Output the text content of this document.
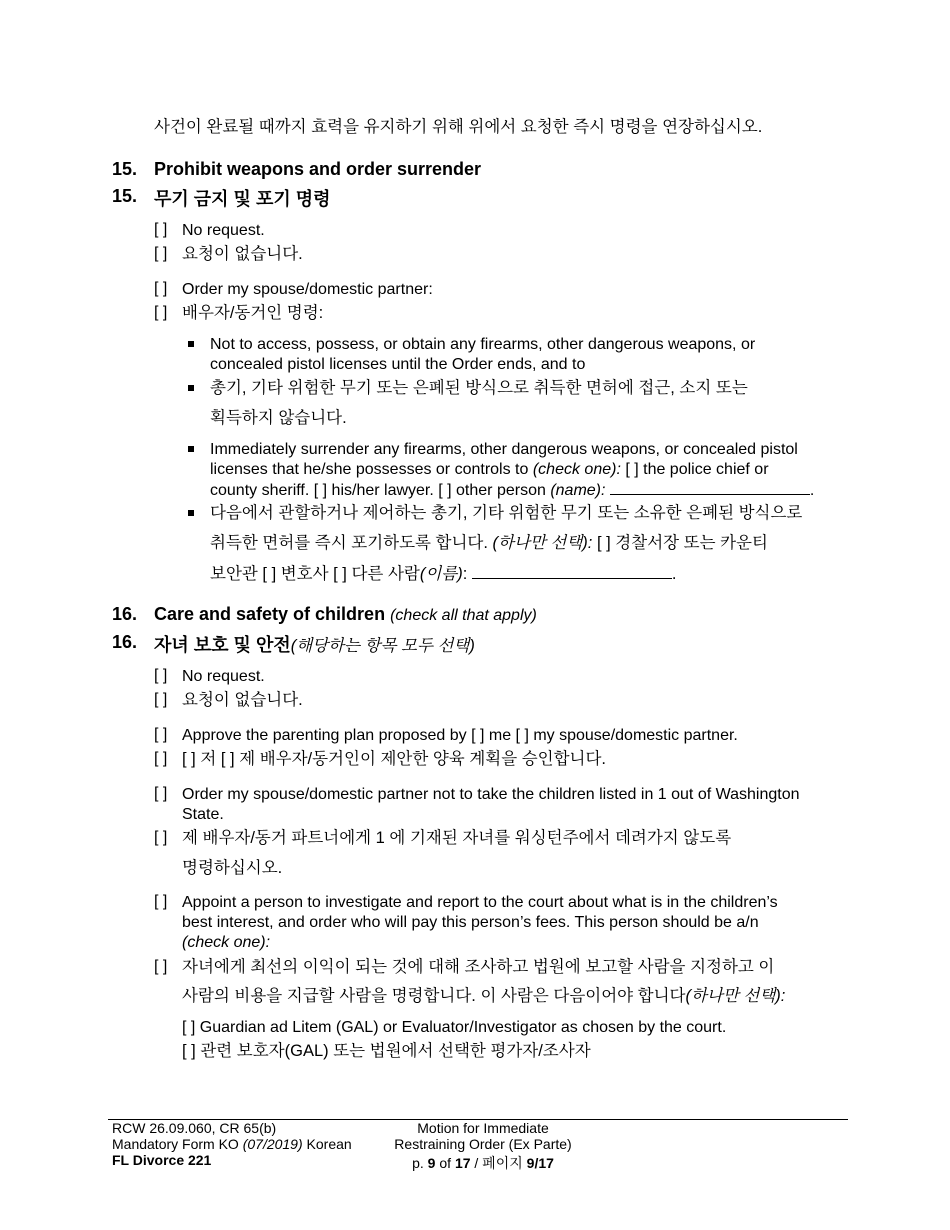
사건이 완료될 때까지 효력을 유지하기 위해 위에서 요청한 즉시 명령을 연장하십시오.
15. Prohibit weapons and order surrender
15. 무기 금지 및 포기 명령
[ ] No request.
[ ] 요청이 없습니다.
[ ] Order my spouse/domestic partner:
[ ] 배우자/동거인 명령:
Not to access, possess, or obtain any firearms, other dangerous weapons, or
concealed pistol licenses until the Order ends, and to
총기, 기타 위험한 무기 또는 은폐된 방식으로 취득한 면허에 접근, 소지 또는
획득하지 않습니다.
Immediately surrender any firearms, other dangerous weapons, or concealed pistol
licenses that he/she possesses or controls to (check one): [ ] the police chief or
county sheriff. [ ] his/her lawyer. [ ] other person (name):	.
다음에서 관할하거나 제어하는 총기, 기타 위험한 무기 또는 소유한 은폐된 방식으로
취득한 면허를 즉시 포기하도록 합니다. (하나만 선택): [ ] 경찰서장 또는 카운티
보안관 [ ] 변호사 [ ] 다른 사람(이름):	.
16. Care and safety of children (check all that apply)
16. 자녀 보호 및 안전(해당하는 항목 모두 선택)
[ ] No request.
[ ] 요청이 없습니다.
[ ] Approve the parenting plan proposed by [ ] me [ ] my spouse/domestic partner.
[ ] [ ] 저 [ ] 제 배우자/동거인이 제안한 양육 계획을 승인합니다.
[ ] Order my spouse/domestic partner not to take the children listed in 1 out of Washington
State.
[ ] 제 배우자/동거 파트너에게 1 에 기재된 자녀를 워싱턴주에서 데려가지 않도록
명령하십시오.
[ ] Appoint a person to investigate and report to the court about what is in the children’s
best interest, and order who will pay this person’s fees. This person should be a/n
(check one):
[ ] 자녀에게 최선의 이익이 되는 것에 대해 조사하고 법원에 보고할 사람을 지정하고 이
사람의 비용을 지급할 사람을 명령합니다. 이 사람은 다음이어야 합니다(하나만 선택):
[ ] Guardian ad Litem (GAL) or Evaluator/Investigator as chosen by the court.
[ ] 관련 보호자(GAL) 또는 법원에서 선택한 평가자/조사자
RCW 26.09.060, CR 65(b)
Mandatory Form KO (07/2019) Korean
FL Divorce 221
Motion for Immediate
Restraining Order (Ex Parte)
p. 9 of 17 / 페이지 9/17
